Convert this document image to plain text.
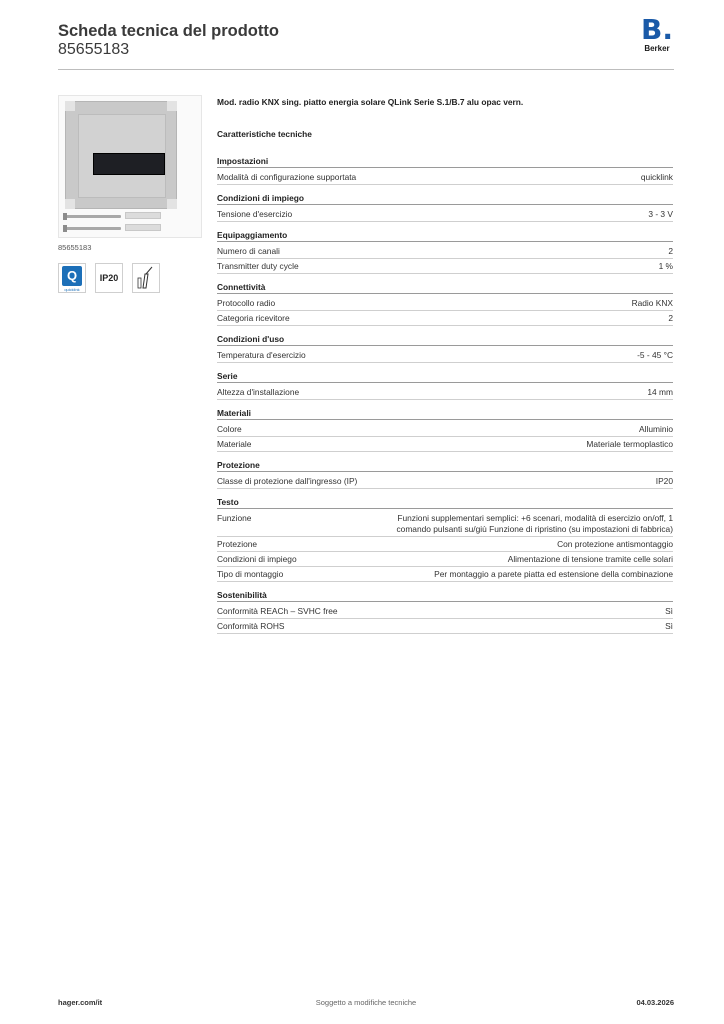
Scheda tecnica del prodotto
85655183
B.
Berker
85655183
Q
quicklink
IP20
Mod. radio KNX sing. piatto energia solare QLink Serie S.1/B.7 alu opac vern.
Caratteristiche tecniche
Impostazioni
Modalità di configurazione supportata	quicklink
Condizioni di impiego
Tensione d'esercizio	3 - 3 V
Equipaggiamento
Numero di canali	2
Transmitter duty cycle	1 %
Connettività
Protocollo radio	Radio KNX
Categoria ricevitore	2
Condizioni d'uso
Temperatura d'esercizio	-5 - 45 °C
Serie
Altezza d'installazione	14 mm
Materiali
Colore	Alluminio
Materiale	Materiale termoplastico
Protezione
Classe di protezione dall'ingresso (IP)	IP20
Testo
Funzione	Funzioni supplementari semplici: +6 scenari, modalità di esercizio on/off, 1 comando pulsanti su/giù Funzione di ripristino (su impostazioni di fabbrica)
Protezione	Con protezione antismontaggio
Condizioni di impiego	Alimentazione di tensione tramite celle solari
Tipo di montaggio	Per montaggio a parete piatta ed estensione della combinazione
Sostenibilità
Conformità REACh – SVHC free	Sì
Conformità ROHS	Sì
Soggetto a modifiche tecniche
hager.com/it	04.03.2026
